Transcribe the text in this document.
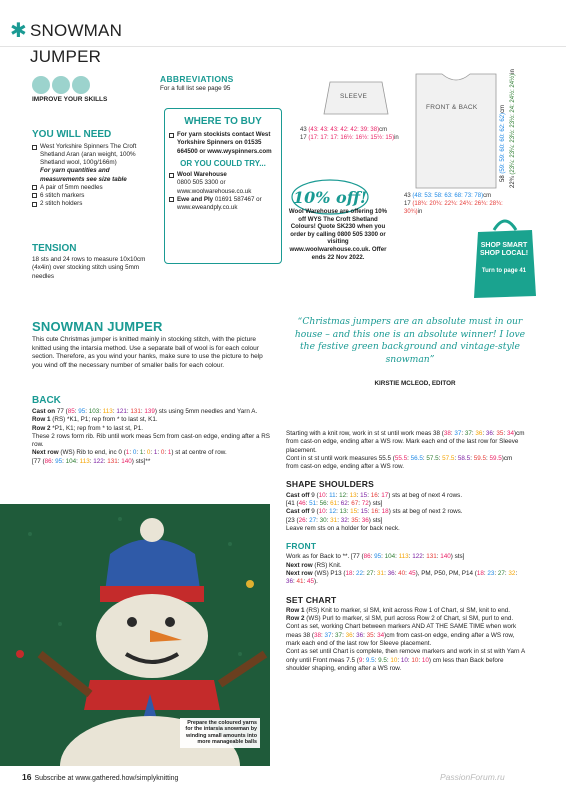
✱ SNOWMAN JUMPER
IMPROVE YOUR SKILLS
YOU WILL NEED
West Yorkshire Spinners The Croft Shetland Aran (aran weight, 100% Shetland wool, 100g/166m)
For yarn quantities and measurements see size table
A pair of 5mm needles
6 stitch markers
2 stitch holders
TENSION
18 sts and 24 rows to measure 10x10cm (4x4in) over stocking stitch using 5mm needles
ABBREVIATIONS
For a full list see page 95
WHERE TO BUY
For yarn stockists contact West Yorkshire Spinners on 01535 664500 or www.wyspinners.com
OR YOU COULD TRY...
Wool Warehouse
0800 505 3300 or www.woolwarehouse.co.uk
Ewe and Ply 01691 587467 or www.eweandply.co.uk
SLEEVE
43 (43: 43: 43: 42: 42: 39: 38)cm
17 (17: 17: 17: 16½: 16½: 15½: 15)in
FRONT & BACK
58 (59: 59: 60: 60: 62: 62)cm
22¾ (23¼: 23¼: 23½: 23½: 24: 24½: 24½)in
43 (48: 53: 58: 63: 68: 73: 78)cm
17 (18¾: 20¾: 22¾: 24¾: 26¾: 28¾: 30¾)in
10% off!
Wool Warehouse are offering 10% off WYS The Croft Shetland Colours! Quote SK230 when you order by calling 0800 505 3300 or visiting www.woolwarehouse.co.uk. Offer ends 22 Nov 2022.
SHOP SMART
SHOP LOCAL!
Turn to page 41
SNOWMAN JUMPER
This cute Christmas jumper is knitted mainly in stocking stitch, with the picture knitted using the intarsia method. Use a separate ball of wool is for each colour section. Therefore, as you wind your hanks, make sure to use the picture to help you wind off the necessary number of smaller balls for each colour.
“Christmas jumpers are an absolute must in our house – and this one is an absolute winner! I love the festive green background and vintage-style snowman”
KIRSTIE MCLEOD, EDITOR
BACK

Cast on 77 (85: 95: 103: 113: 121: 131: 139) sts using 5mm needles and Yarn A.

Row 1 (RS) *K1, P1; rep from * to last st, K1.

Row 2 *P1, K1; rep from * to last st, P1.

These 2 rows form rib. Rib until work meas 5cm from cast-on edge, ending after a RS row.

Next row (WS) Rib to end, inc 0 (1: 0: 1: 0: 1: 0: 1) st at centre of row.

[77 (86: 95: 104: 113: 122: 131: 140) sts]**

Prepare the coloured yarns for the intarsia snowman by winding small amounts into more manageable balls

Starting with a knit row, work in st st until work meas 38 (38: 37: 37: 36: 36: 35: 34)cm from cast-on edge, ending after a WS row. Mark each end of the last row for Sleeve placement.

Cont in st st until work measures 55.5 (55.5: 56.5: 57.5: 57.5: 58.5: 59.5: 59.5)cm from cast-on edge, ending after a WS row.

SHAPE SHOULDERS

Cast off 9 (10: 11: 12: 13: 15: 16: 17) sts at beg of next 4 rows.

[41 (46: 51: 56: 61: 62: 67: 72) sts]

Cast off 9 (10: 12: 13: 15: 15: 16: 18) sts at beg of next 2 rows.

[23 (26: 27: 30: 31: 32: 35: 36) sts]

Leave rem sts on a holder for back neck.

FRONT

Work as for Back to **. [77 (86: 95: 104: 113: 122: 131: 140) sts]

Next row (RS) Knit.

Next row (WS) P13 (18: 22: 27: 31: 36: 40: 45), PM, P50, PM, P14 (18: 23: 27: 32: 36: 41: 45).

SET CHART

Row 1 (RS) Knit to marker, sl SM, knit across Row 1 of Chart, sl SM, knit to end.

Row 2 (WS) Purl to marker, sl SM, purl across Row 2 of Chart, sl SM, purl to end.

Cont as set, working Chart between markers AND AT THE SAME TIME when work meas 38 (38: 37: 37: 36: 36: 35: 34)cm from cast-on edge, ending after a WS row, mark each end of the last row for Sleeve placement.

Cont as set until Chart is complete, then remove markers and work in st st with Yarn A only until Front meas 7.5 (9: 9.5: 9.5: 10: 10: 10: 10) cm less than Back before shoulder shaping, ending after a WS row.

16 Subscribe at www.gathered.how/simplyknitting	PassionForum.ru
